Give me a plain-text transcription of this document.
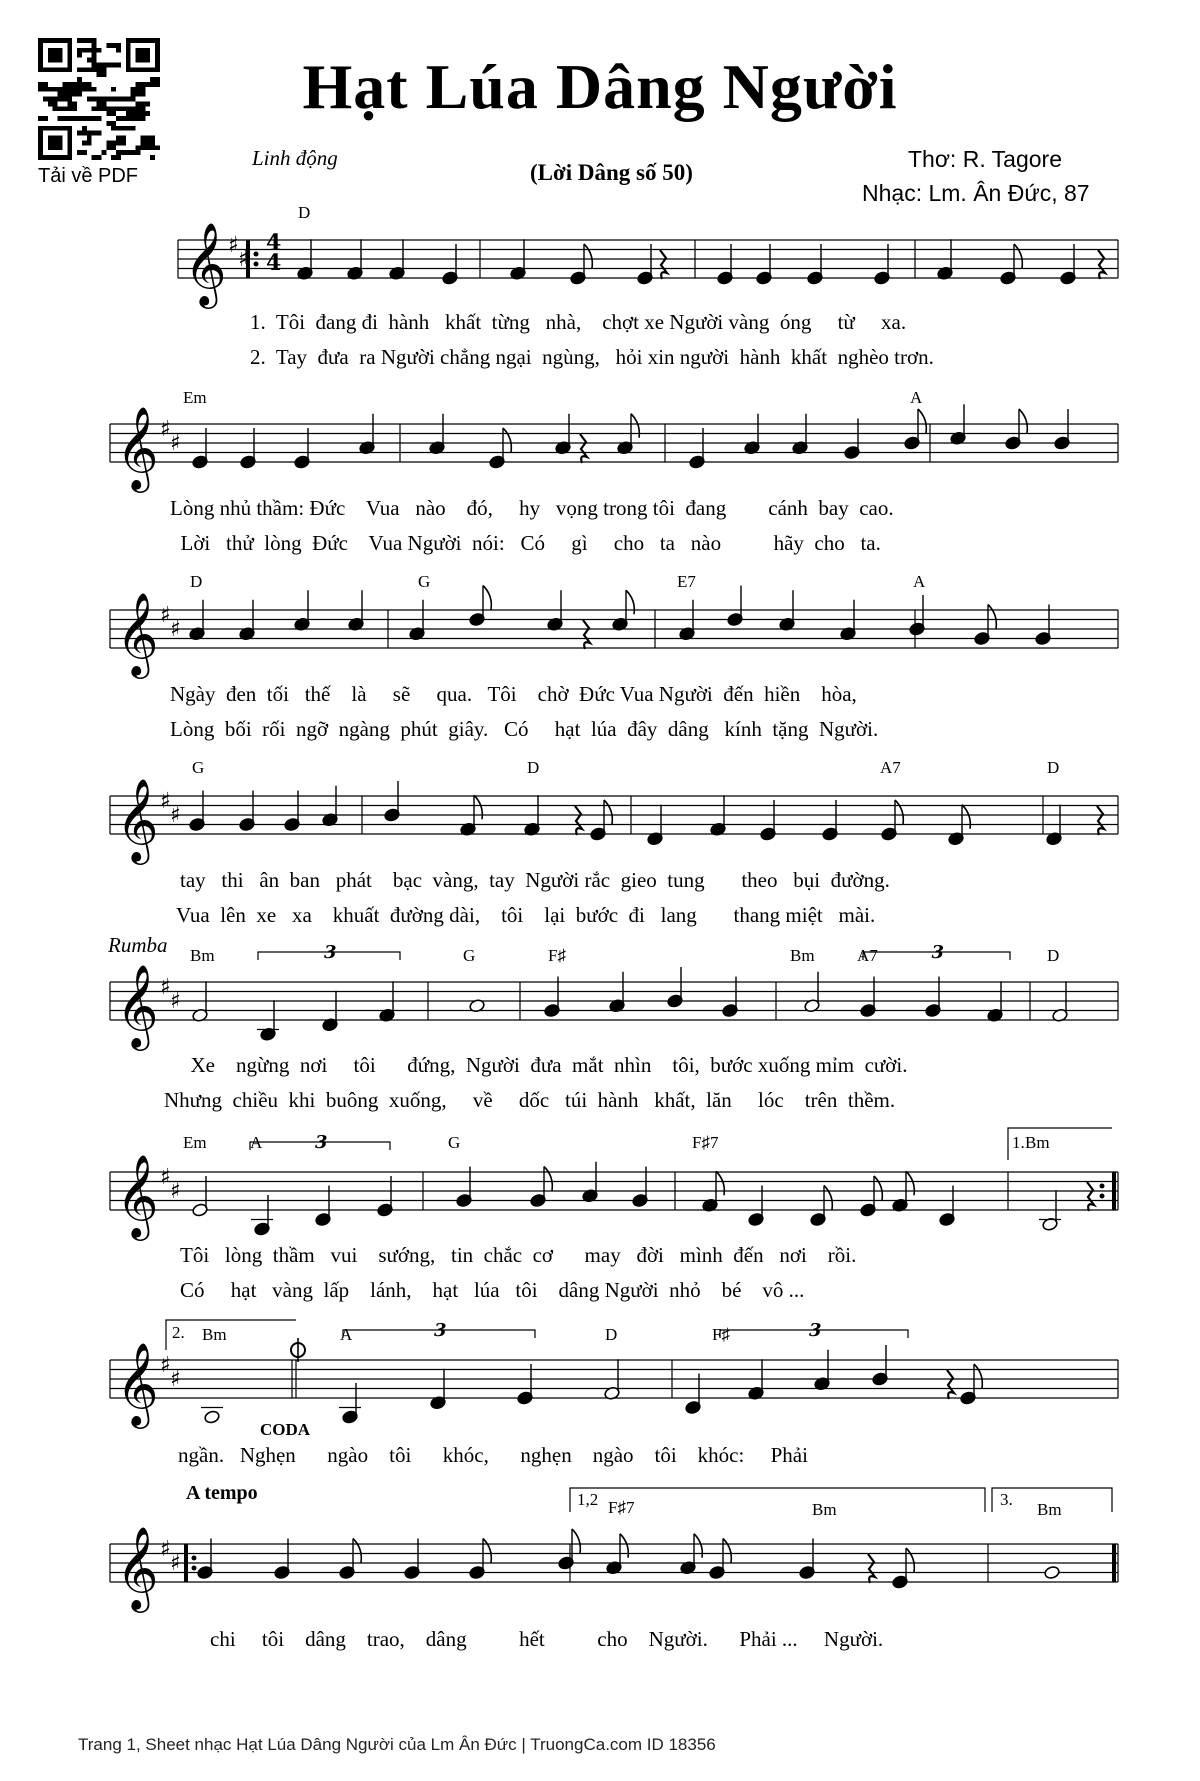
Tải về PDF
Hạt Lúa Dâng Người
Linh động
(Lời Dâng số 50)
Thơ: R. Tagore
Nhạc: Lm. Ân Đức, 87
𝄞 ♯
♯
𝄞 ♯
♯
𝄞 ♯
♯
𝄞 ♯
♯
𝄞 ♯
♯
𝄞 ♯
♯
𝄞 ♯
♯
𝄞 ♯
♯
4
4
3	3
3
3	3
D
1.  Tôi  đang đi  hành   khất  từng   nhà,    chợt xe Người vàng  óng     từ     xa.
2.  Tay  đưa  ra Người chẳng ngại  ngùng,   hỏi xin người  hành  khất  nghèo trơn.
Em	A
Lòng nhủ thầm: Đức    Vua   nào    đó,     hy   vọng trong tôi  đang        cánh  bay  cao.
Lời   thử  lòng  Đức    Vua Người  nói:   Có     gì     cho   ta   nào          hãy  cho   ta.
D	G	E7	A
Ngày  đen  tối   thế    là     sẽ     qua.   Tôi    chờ  Đức Vua Người  đến  hiền    hòa,
Lòng  bối  rối  ngỡ  ngàng  phút  giây.   Có     hạt  lúa  đây  dâng   kính  tặng  Người.
G	D	A7	D
tay   thi   ân  ban   phát    bạc  vàng,  tay  Người rắc  gieo  tung       theo   bụi  đường.
Vua  lên  xe   xa    khuất  đường dài,    tôi    lại  bước  đi   lang       thang miệt   mài.
Rumba Bm	G	F♯	Bm A7	D
Xe    ngừng  nơi     tôi      đứng,  Người  đưa  mắt  nhìn    tôi,  bước xuống mỉm  cười.
Nhưng  chiều  khi  buông  xuống,     về     dốc   túi  hành   khất,  lăn     lóc    trên  thềm.
Em	A	G	F♯7	Bm
1.
Tôi   lòng  thầm   vui    sướng,   tin  chắc  cơ      may   đời   mình  đến   nơi    rồi.
Có     hạt   vàng  lấp    lánh,    hạt   lúa   tôi    dâng Người  nhỏ    bé    vô ...
2. Bm	A	D	F♯
CODA
ngần.   Nghẹn      ngào    tôi      khóc,      nghẹn    ngào    tôi    khóc:     Phải
A tempo	1,2 F♯7	Bm
3.
Bm
chi     tôi    dâng    trao,    dâng          hết          cho    Người.      Phải ...     Người.
Trang 1, Sheet nhạc Hạt Lúa Dâng Người của Lm Ân Đức | TruongCa.com ID 18356
